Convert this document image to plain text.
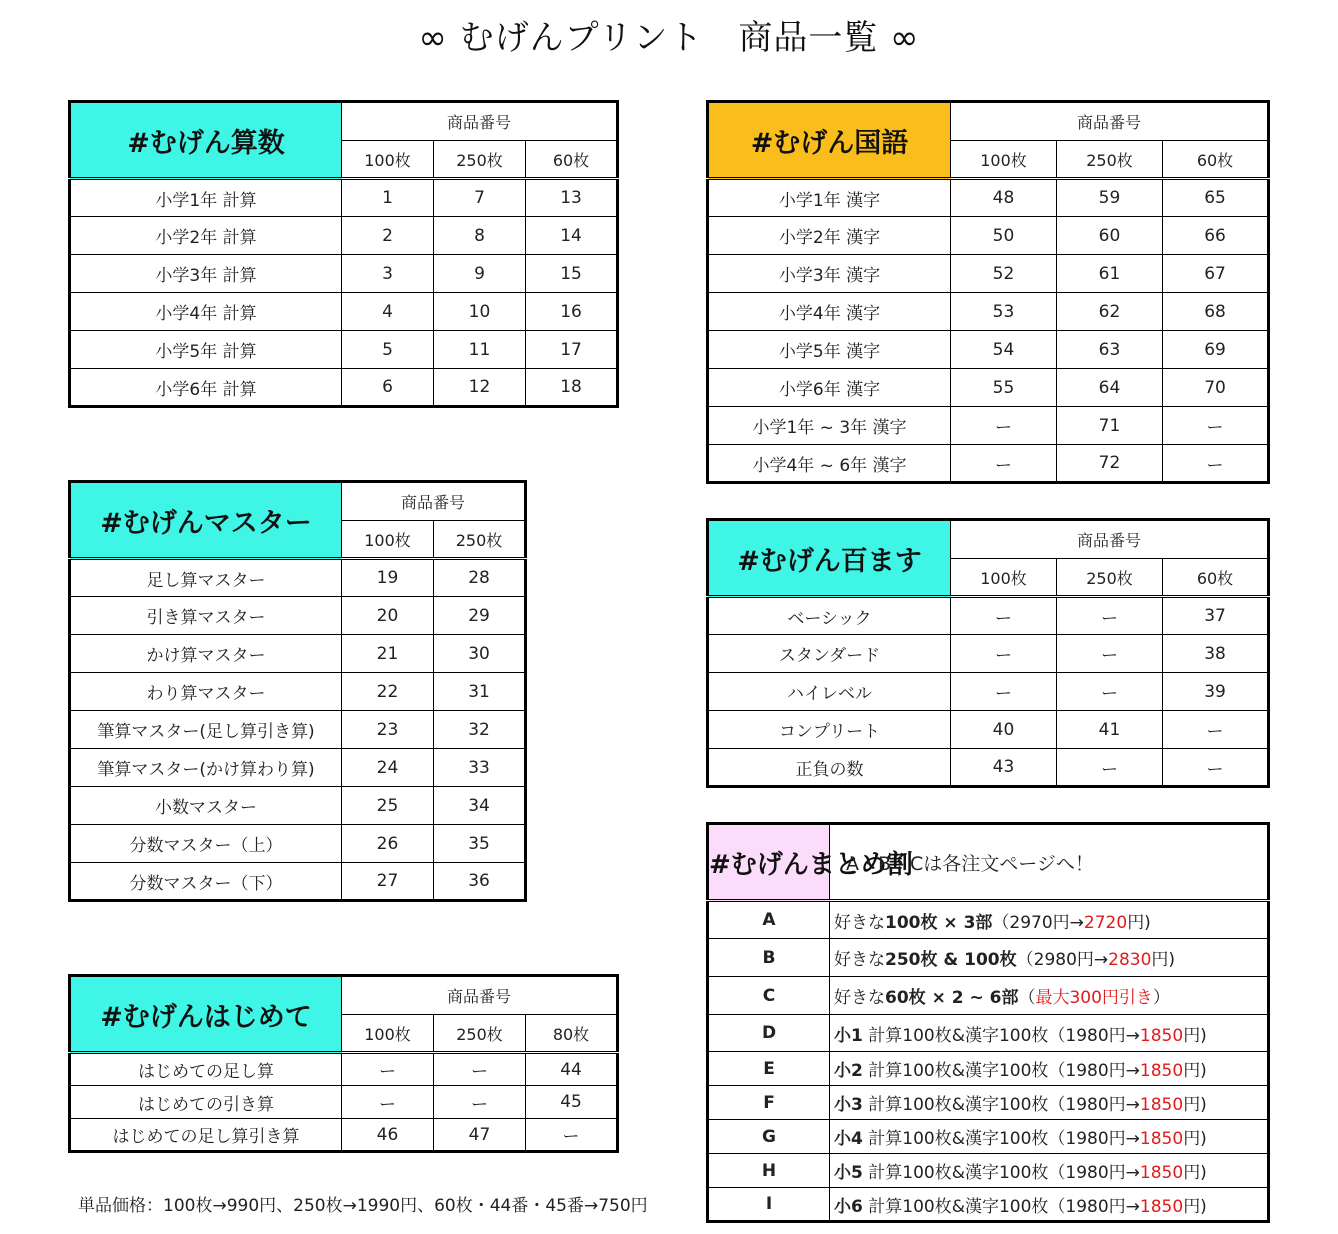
∞ むげんプリント　商品一覧 ∞
#むげん算数	商品番号		
	100枚	250枚	60枚
小学1年 計算	1	7	13
小学2年 計算	2	8	14
小学3年 計算	3	9	15
小学4年 計算	4	10	16
小学5年 計算	5	11	17
小学6年 計算	6	12	18
#むげん国語	商品番号		
	100枚	250枚	60枚
小学1年 漢字	48	59	65
小学2年 漢字	50	60	66
小学3年 漢字	52	61	67
小学4年 漢字	53	62	68
小学5年 漢字	54	63	69
小学6年 漢字	55	64	70
小学1年 ~ 3年 漢字	ー	71	ー
小学4年 ~ 6年 漢字	ー	72	ー
#むげんマスター	商品番号	
	100枚	250枚
足し算マスター	19	28
引き算マスター	20	29
かけ算マスター	21	30
わり算マスター	22	31
筆算マスター(足し算引き算)	23	32
筆算マスター(かけ算わり算)	24	33
小数マスター	25	34
分数マスター（上）	26	35
分数マスター（下）	27	36
#むげん百ます	商品番号		
	100枚	250枚	60枚
ベーシック	ー	ー	37
スタンダード	ー	ー	38
ハイレベル	ー	ー	39
コンプリート	40	41	ー
正負の数	43	ー	ー
#むげんはじめて	商品番号		
	100枚	250枚	80枚
はじめての足し算	ー	ー	44
はじめての引き算	ー	ー	45
はじめての足し算引き算	46	47	ー
#むげんまとめ割	A・B・Cは各注文ページへ！
A	好きな100枚 × 3部（2970円→2720円)
B	好きな250枚 & 100枚（2980円→2830円)
C	好きな60枚 × 2 ~ 6部（最大300円引き）
D	小1 計算100枚&漢字100枚（1980円→1850円)
E	小2 計算100枚&漢字100枚（1980円→1850円)
F	小3 計算100枚&漢字100枚（1980円→1850円)
G	小4 計算100枚&漢字100枚（1980円→1850円)
H	小5 計算100枚&漢字100枚（1980円→1850円)
I	小6 計算100枚&漢字100枚（1980円→1850円)
単品価格：100枚→990円、250枚→1990円、60枚・44番・45番→750円
